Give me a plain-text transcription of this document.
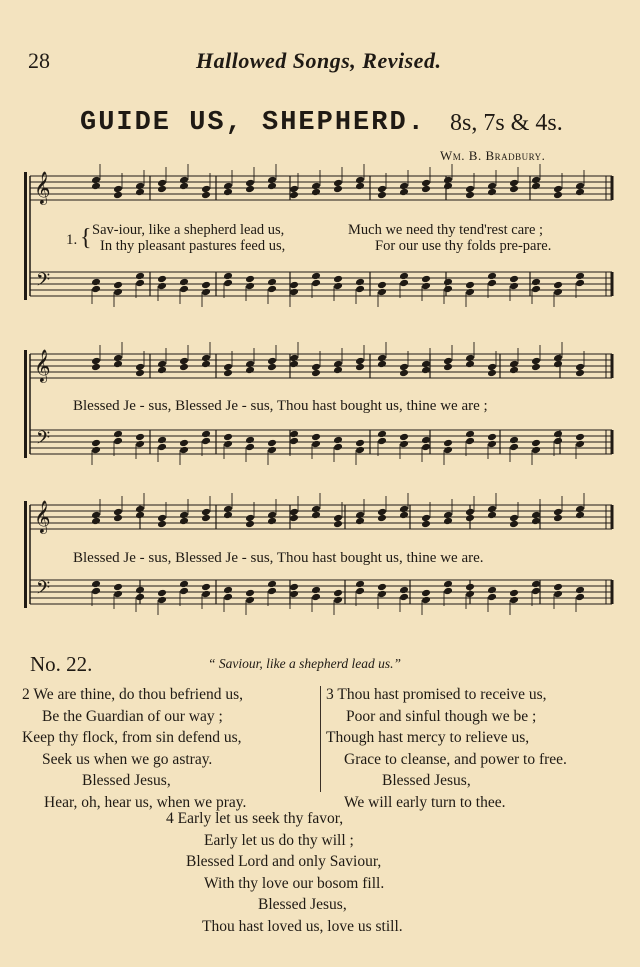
28	Hallowed Songs, Revised.
GUIDE US, SHEPHERD. 8s, 7s & 4s.
Wm. B. Bradbury.
𝄞
𝄢
𝄞
𝄢
𝄞
𝄢
1. { Sav-iour, like a shepherd lead us,	Much we need thy tend'rest care ;
In thy pleasant pastures feed us,	For our use thy folds pre-pare.
Blessed Je - sus, Blessed Je - sus, Thou hast bought us, thine we are ;
Blessed Je - sus, Blessed Je - sus, Thou hast bought us, thine we are.
No. 22.	“ Saviour, like a shepherd lead us.”
2 We are thine, do thou befriend us,
Be the Guardian of our way ;
Keep thy flock, from sin defend us,
Seek us when we go astray.
Blessed Jesus,
Hear, oh, hear us, when we pray.
3 Thou hast promised to receive us,
Poor and sinful though we be ;
Though hast mercy to relieve us,
Grace to cleanse, and power to free.
Blessed Jesus,
We will early turn to thee.
4 Early let us seek thy favor,
Early let us do thy will ;
Blessed Lord and only Saviour,
With thy love our bosom fill.
Blessed Jesus,
Thou hast loved us, love us still.
